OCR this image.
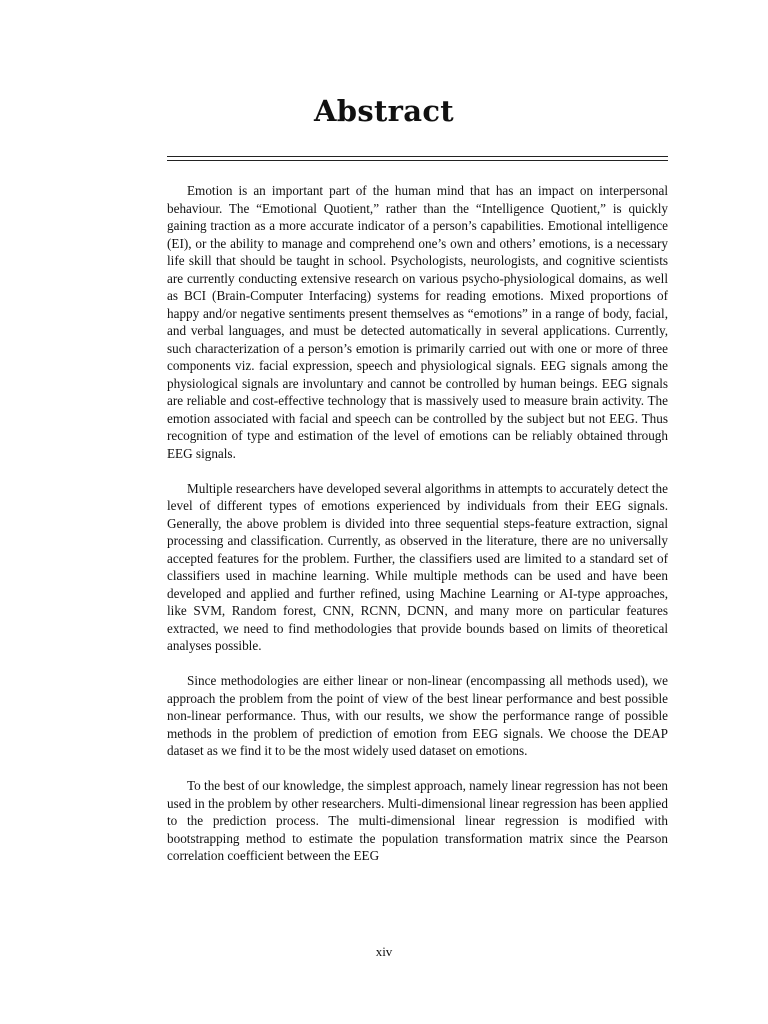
Abstract

Emotion is an important part of the human mind that has an impact on interpersonal behaviour. The “Emotional Quotient,” rather than the “Intelligence Quotient,” is quickly gaining traction as a more accurate indicator of a person’s capabilities. Emotional intelligence (EI), or the ability to manage and comprehend one’s own and others’ emotions, is a necessary life skill that should be taught in school. Psychologists, neurologists, and cognitive scientists are currently conducting extensive research on various psycho-physiological domains, as well as BCI (Brain-Computer Interfacing) systems for reading emotions. Mixed proportions of happy and/or negative sentiments present themselves as “emotions” in a range of body, facial, and verbal languages, and must be detected automatically in several applications. Currently, such characterization of a person’s emotion is primarily carried out with one or more of three components viz. facial expression, speech and physiological signals. EEG signals among the physiological signals are involuntary and cannot be controlled by human beings. EEG signals are reliable and cost-effective technology that is massively used to measure brain activity. The emotion associated with facial and speech can be controlled by the subject but not EEG. Thus recognition of type and estimation of the level of emotions can be reliably obtained through EEG signals.

Multiple researchers have developed several algorithms in attempts to accurately detect the level of different types of emotions experienced by individuals from their EEG signals. Generally, the above problem is divided into three sequential steps-feature extraction, signal processing and classification. Currently, as observed in the literature, there are no universally accepted features for the problem. Further, the classifiers used are limited to a standard set of classifiers used in machine learning. While multiple methods can be used and have been developed and applied and further refined, using Machine Learning or AI-type approaches, like SVM, Random forest, CNN, RCNN, DCNN, and many more on particular features extracted, we need to find methodologies that provide bounds based on limits of theoretical analyses possible.

Since methodologies are either linear or non-linear (encompassing all methods used), we approach the problem from the point of view of the best linear performance and best possible non-linear performance. Thus, with our results, we show the performance range of possible methods in the problem of prediction of emotion from EEG signals. We choose the DEAP dataset as we find it to be the most widely used dataset on emotions.

To the best of our knowledge, the simplest approach, namely linear regression has not been used in the problem by other researchers. Multi-dimensional linear regression has been applied to the prediction process. The multi-dimensional linear regression is modified with bootstrapping method to estimate the population transformation matrix since the Pearson correlation coefficient between the EEG

xiv
